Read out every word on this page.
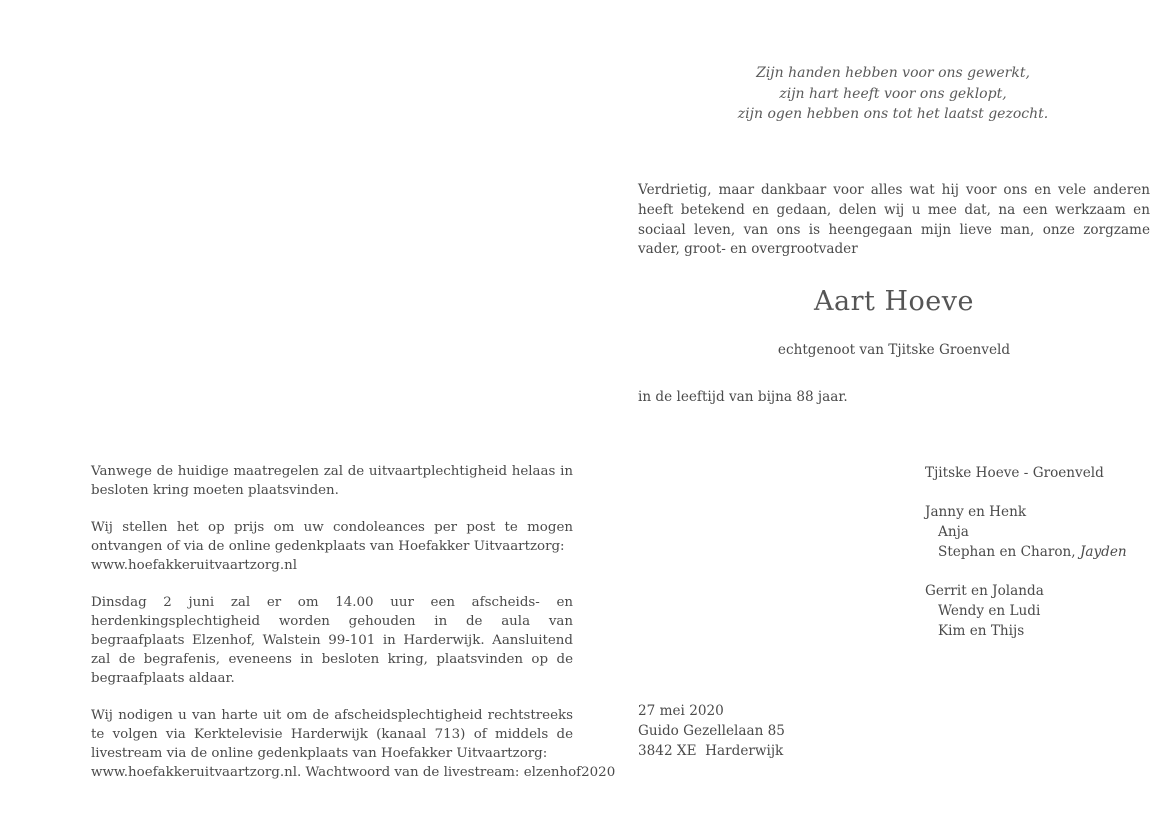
Zijn handen hebben voor ons gewerkt,
zijn hart heeft voor ons geklopt,
zijn ogen hebben ons tot het laatst gezocht.
Verdrietig, maar dankbaar voor alles wat hij voor ons en vele anderen heeft betekend en gedaan, delen wij u mee dat, na een werkzaam en sociaal leven, van ons is heengegaan mijn lieve man, onze zorgzame vader, groot- en overgrootvader
Aart Hoeve
echtgenoot van Tjitske Groenveld
in de leeftijd van bijna 88 jaar.
Tjitske Hoeve - Groenveld
Janny en Henk
Anja
Stephan en Charon, Jayden
Gerrit en Jolanda
Wendy en Ludi
Kim en Thijs
27 mei 2020
Guido Gezellelaan 85
3842 XE  Harderwijk

Vanwege de huidige maatregelen zal de uitvaartplechtigheid helaas in besloten kring moeten plaatsvinden.

Wij stellen het op prijs om uw condoleances per post te mogen ontvangen of via de online gedenkplaats van Hoefakker Uitvaartzorg:
www.hoefakkeruitvaartzorg.nl

Dinsdag 2 juni zal er om 14.00 uur een afscheids- en herdenkingsplechtigheid worden gehouden in de aula van begraafplaats Elzenhof, Walstein 99-101 in Harderwijk. Aansluitend zal de begrafenis, eveneens in besloten kring, plaatsvinden op de begraafplaats aldaar.

Wij nodigen u van harte uit om de afscheidsplechtigheid rechtstreeks te volgen via Kerktelevisie Harderwijk (kanaal 713) of middels de livestream via de online gedenkplaats van Hoefakker Uitvaartzorg:
www.hoefakkeruitvaartzorg.nl. Wachtwoord van de livestream: elzenhof2020
